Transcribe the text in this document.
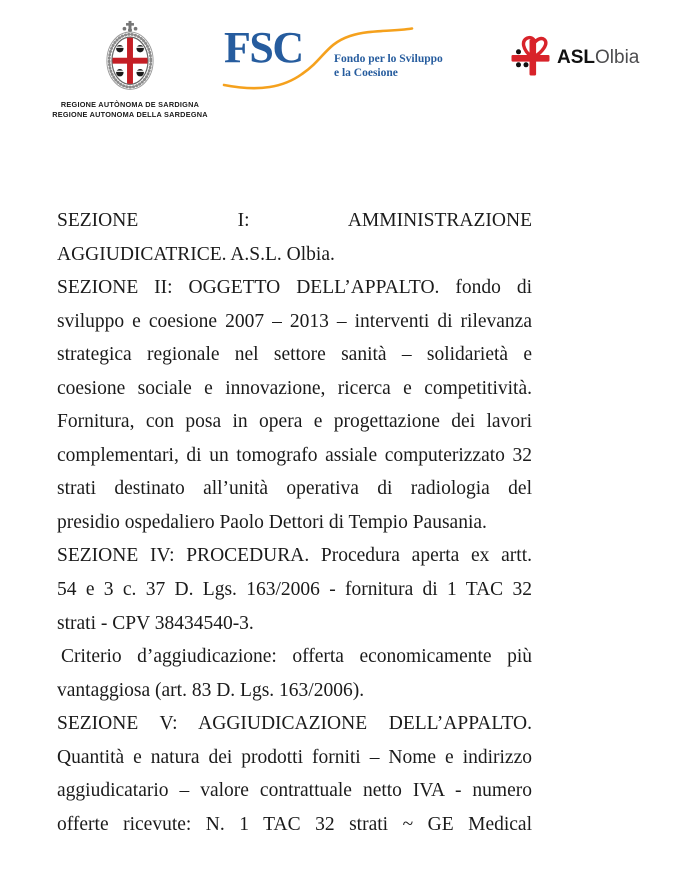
REGIONE AUTÒNOMA DE SARDIGNA
REGIONE AUTONOMA DELLA SARDEGNA
FSC	Fondo per lo Sviluppo
e la Coesione
ASLOlbia
SEZIONE I: AMMINISTRAZIONE
AGGIUDICATRICE. A.S.L. Olbia.
SEZIONE II: OGGETTO DELL’APPALTO. fondo di
sviluppo e coesione 2007 – 2013 – interventi di rilevanza
strategica regionale nel settore sanità – solidarietà e
coesione sociale e innovazione, ricerca e competitività.
Fornitura, con posa in opera e progettazione dei lavori
complementari, di un tomografo assiale computerizzato 32
strati destinato all’unità operativa di radiologia del
presidio ospedaliero Paolo Dettori di Tempio Pausania.
SEZIONE IV: PROCEDURA. Procedura aperta ex artt.
54 e 3 c. 37 D. Lgs. 163/2006 - fornitura di 1 TAC 32
strati - CPV 38434540-3.
Criterio d’aggiudicazione: offerta economicamente più
vantaggiosa (art. 83 D. Lgs. 163/2006).
SEZIONE V: AGGIUDICAZIONE DELL’APPALTO.
Quantità e natura dei prodotti forniti – Nome e indirizzo
aggiudicatario – valore contrattuale netto IVA - numero
offerte ricevute: N. 1 TAC 32 strati ~ GE Medical
